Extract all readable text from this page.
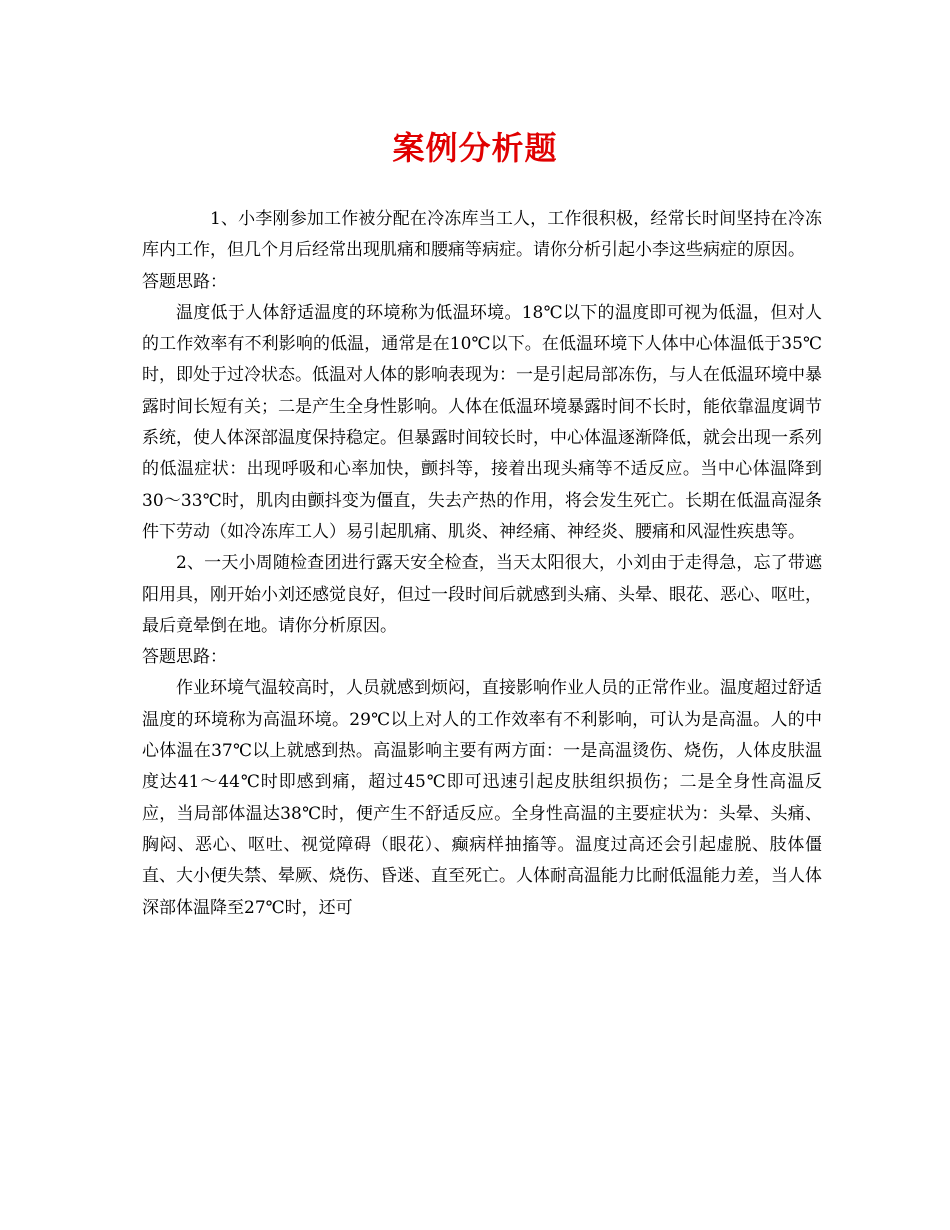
案例分析题

1、小李刚参加工作被分配在冷冻库当工人，工作很积极，经常长时间坚持在冷冻库内工作，但几个月后经常出现肌痛和腰痛等病症。请你分析引起小李这些病症的原因。

答题思路：

温度低于人体舒适温度的环境称为低温环境。18℃以下的温度即可视为低温，但对人的工作效率有不利影响的低温，通常是在10℃以下。在低温环境下人体中心体温低于35℃时，即处于过冷状态。低温对人体的影响表现为：一是引起局部冻伤，与人在低温环境中暴露时间长短有关；二是产生全身性影响。人体在低温环境暴露时间不长时，能依靠温度调节系统，使人体深部温度保持稳定。但暴露时间较长时，中心体温逐渐降低，就会出现一系列的低温症状：出现呼吸和心率加快，颤抖等，接着出现头痛等不适反应。当中心体温降到30～33℃时，肌肉由颤抖变为僵直，失去产热的作用，将会发生死亡。长期在低温高湿条件下劳动（如冷冻库工人）易引起肌痛、肌炎、神经痛、神经炎、腰痛和风湿性疾患等。

2、一天小周随检查团进行露天安全检查，当天太阳很大，小刘由于走得急，忘了带遮阳用具，刚开始小刘还感觉良好，但过一段时间后就感到头痛、头晕、眼花、恶心、呕吐，最后竟晕倒在地。请你分析原因。

答题思路：

作业环境气温较高时，人员就感到烦闷，直接影响作业人员的正常作业。温度超过舒适温度的环境称为高温环境。29℃以上对人的工作效率有不利影响，可认为是高温。人的中心体温在37℃以上就感到热。高温影响主要有两方面：一是高温烫伤、烧伤，人体皮肤温度达41～44℃时即感到痛，超过45℃即可迅速引起皮肤组织损伤；二是全身性高温反应，当局部体温达38℃时，便产生不舒适反应。全身性高温的主要症状为：头晕、头痛、胸闷、恶心、呕吐、视觉障碍（眼花）、癫病样抽搐等。温度过高还会引起虚脱、肢体僵直、大小便失禁、晕厥、烧伤、昏迷、直至死亡。人体耐高温能力比耐低温能力差，当人体深部体温降至27℃时，还可
